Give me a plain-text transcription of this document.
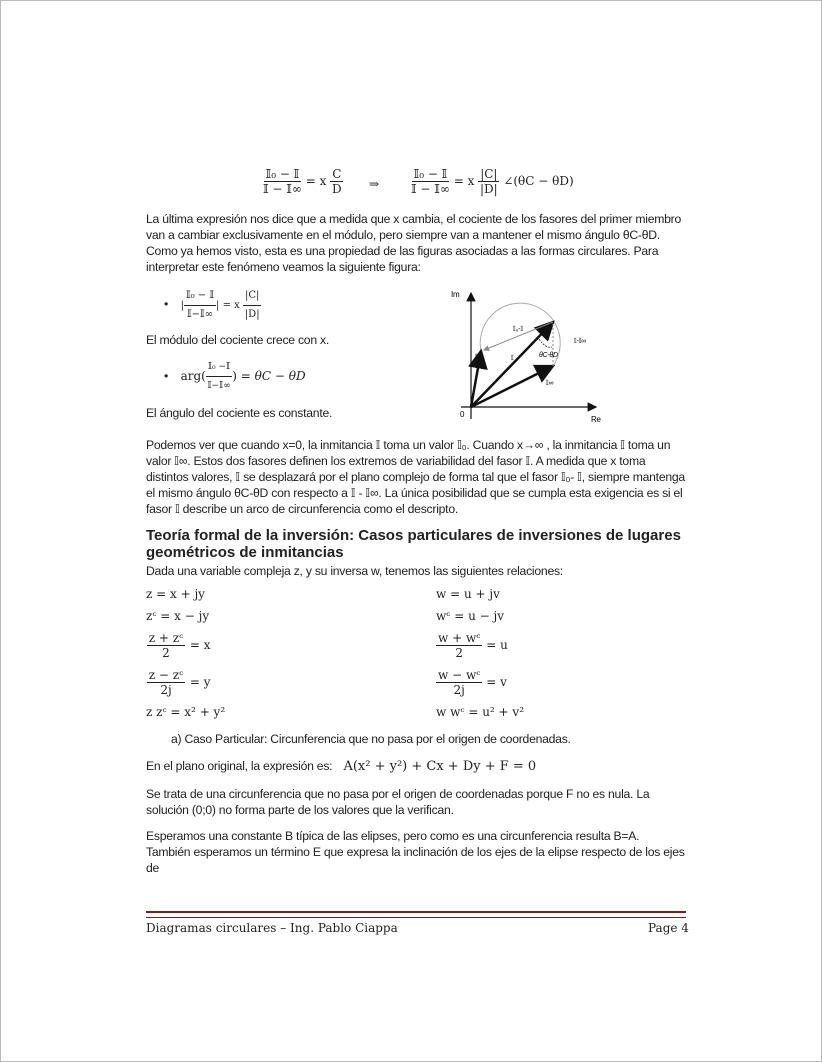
$\frac{\text{𝕀₀ − 𝕀}}{\text{𝕀 − 𝕀∞}} = x \frac{C}{D}$ ⇒	$\frac{\text{𝕀₀ − 𝕀}}{\text{𝕀 − 𝕀∞}} = x \frac{|C|}{|D|}$ ∠(θC − θD)

La última expresión nos dice que a medida que x cambia, el cociente de los fasores del primer miembro van a cambiar exclusivamente en el módulo, pero siempre van a mantener el mismo ángulo θC-θD. Como ya hemos visto, esta es una propiedad de las figuras asociadas a las formas circulares. Para interpretar este fenómeno veamos la siguiente figura:

Im
Re
0
𝕀₀	𝕀
𝕀₀-𝕀
𝕀-𝕀∞
θC-θD
𝕀∞
•    | $\frac{\text{𝕀₀ − 𝕀}}{\text{𝕀−𝕀∞}}$ | = x $\frac{|C|}{|D|}$

El módulo del cociente crece con x.

•    $arg( \frac{\text{𝕀₀ −𝕀}}{\text{𝕀−𝕀∞}}$ ) = θC − θD

El ángulo del cociente es constante.

Podemos ver que cuando x=0, la inmitancia 𝕀 toma un valor 𝕀₀. Cuando x→∞ , la inmitancia 𝕀 toma un valor 𝕀∞. Estos dos fasores definen los extremos de variabilidad del fasor 𝕀. A medida que x toma distintos valores, 𝕀 se desplazará por el plano complejo de forma tal que el fasor 𝕀₀- 𝕀, siempre mantenga el mismo ángulo θC-θD con respecto a 𝕀 - 𝕀∞. La única posibilidad que se cumpla esta exigencia es si el fasor 𝕀 describe un arco de circunferencia como el descripto.

Teoría formal de la inversión: Casos particulares de inversiones de lugares geométricos de inmitancias

Dada una variable compleja z, y su inversa w, tenemos las siguientes relaciones:

z = x + jy	w = u + jv
zᶜ = x − jy	wᶜ = u − jv
$\frac{\text{z + zᶜ}}{2} = x$	$\frac{\text{w + wᶜ}}{2} = u$
$\frac{\text{z − zᶜ}}{2j} = y$	$\frac{\text{w − wᶜ}}{2j} = v$
z zᶜ = x² + y²	w wᶜ = u² + v²

a) Caso Particular: Circunferencia que no pasa por el origen de coordenadas.

En el plano original, la expresión es: A(x² + y²) + Cx + Dy + F = 0

Se trata de una circunferencia que no pasa por el origen de coordenadas porque F no es nula. La solución (0;0) no forma parte de los valores que la verifican.

Esperamos una constante B típica de las elipses, pero como es una circunferencia resulta B=A. También esperamos un término E que expresa la inclinación de los ejes de la elipse respecto de los ejes de

Diagramas circulares – Ing. Pablo Ciappa	Page 4
